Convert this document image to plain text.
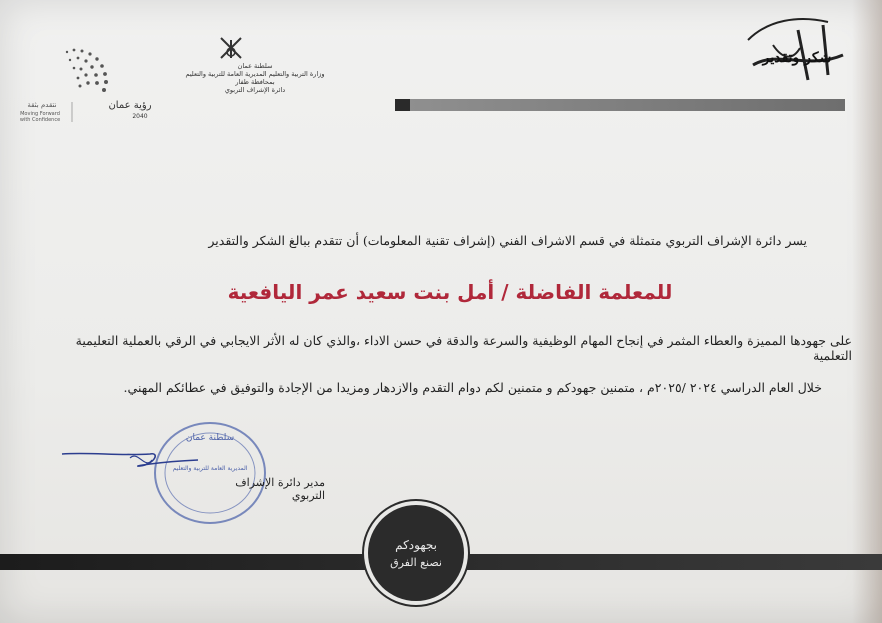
شكر وتقدير
رؤية عمان
2040
نتقدم بثقة
Moving Forward
with Confidence
سلطنة عمان
وزارة التربية والتعليم المديرية العامة للتربية والتعليم
بمحافظة ظفار
دائرة الإشراف التربوي
يسر دائرة الإشراف التربوي متمثلة في قسم الاشراف الفني (إشراف تقنية المعلومات) أن تتقدم ببالغ الشكر والتقدير
للمعلمة الفاضلة / أمل بنت سعيد عمر اليافعية
على جهودها المميزة والعطاء المثمر في إنجاح المهام الوظيفية والسرعة والدقة في حسن الاداء ،والذي كان له الأثر الايجابي في الرقي بالعملية التعليمية التعلمية
خلال العام الدراسي ٢٠٢٤ /٢٠٢٥م ، متمنين جهودكم و متمنين لكم دوام التقدم والازدهار ومزيدا من الإجادة والتوفيق في عطائكم المهني.
سلطنة عمان
المديرية العامة للتربية والتعليم
مدير دائرة الإشراف التربوي
بجهودكم
نصنع الفرق
